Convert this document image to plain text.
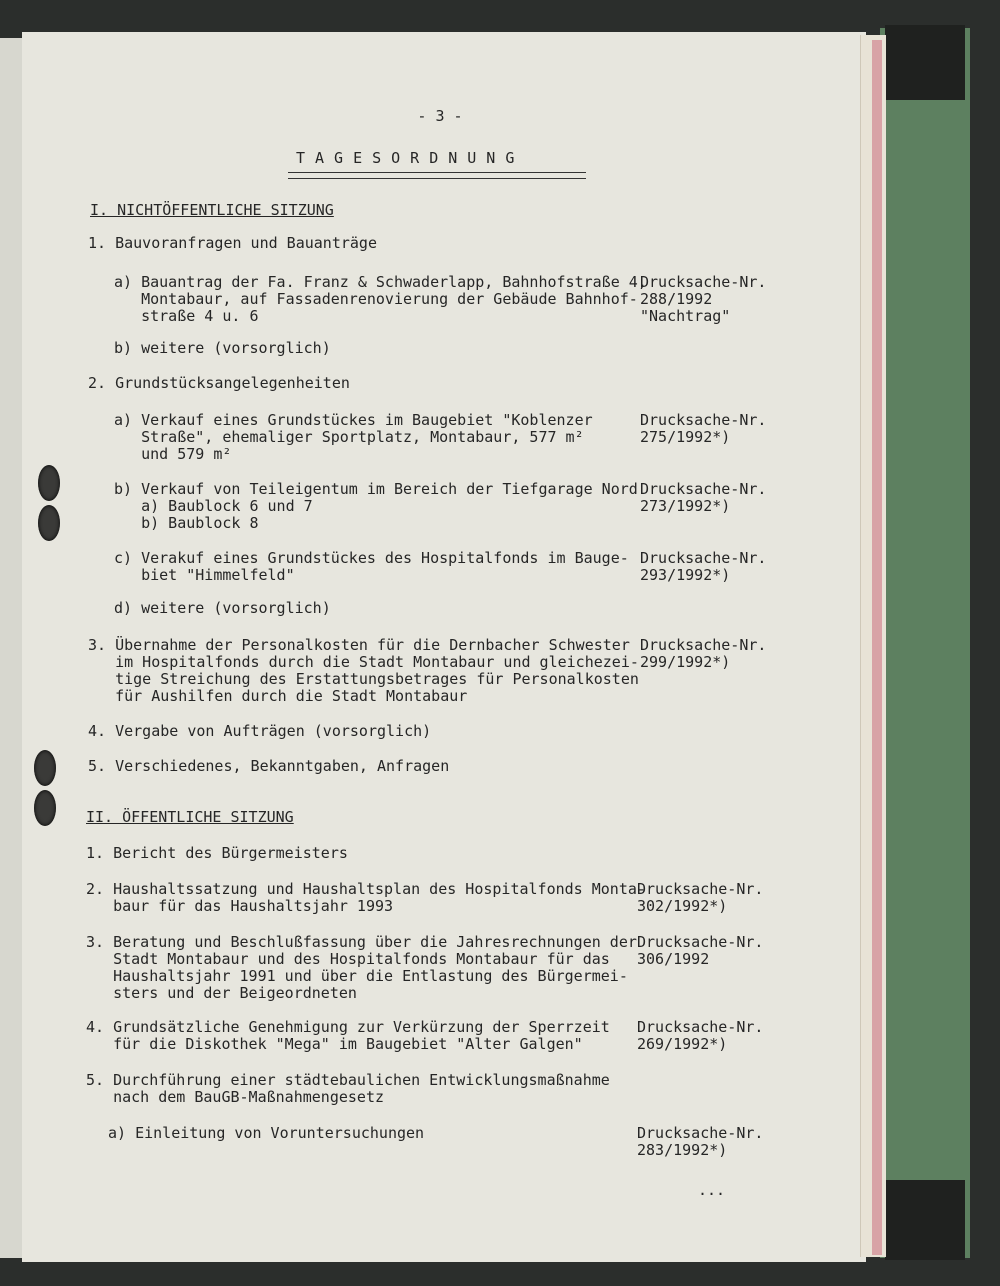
- 3 -
TAGESORDNUNG
I. NICHTÖFFENTLICHE SITZUNG
II. ÖFFENTLICHE SITZUNG
1. Bauvoranfragen und Bauanträge
a) Bauantrag der Fa. Franz & Schwaderlapp, Bahnhofstraße 4,
Montabaur, auf Fassadenrenovierung der Gebäude Bahnhof-
straße 4 u. 6
Drucksache-Nr.
288/1992
"Nachtrag"
b) weitere (vorsorglich)
2. Grundstücksangelegenheiten
a) Verkauf eines Grundstückes im Baugebiet "Koblenzer
Straße", ehemaliger Sportplatz, Montabaur, 577 m²
und 579 m²
Drucksache-Nr.
275/1992*)
b) Verkauf von Teileigentum im Bereich der Tiefgarage Nord
a) Baublock 6 und 7
b) Baublock 8
Drucksache-Nr.
273/1992*)
c) Verakuf eines Grundstückes des Hospitalfonds im Bauge-
biet "Himmelfeld"
Drucksache-Nr.
293/1992*)
d) weitere (vorsorglich)
3. Übernahme der Personalkosten für die Dernbacher Schwester
im Hospitalfonds durch die Stadt Montabaur und gleichezei-
tige Streichung des Erstattungsbetrages für Personalkosten
für Aushilfen durch die Stadt Montabaur
Drucksache-Nr.
299/1992*)
4. Vergabe von Aufträgen (vorsorglich)
5. Verschiedenes, Bekanntgaben, Anfragen
1. Bericht des Bürgermeisters
2. Haushaltssatzung und Haushaltsplan des Hospitalfonds Monta-
baur für das Haushaltsjahr 1993
Drucksache-Nr.
302/1992*)
3. Beratung und Beschlußfassung über die Jahresrechnungen der
Stadt Montabaur und des Hospitalfonds Montabaur für das
Haushaltsjahr 1991 und über die Entlastung des Bürgermei-
sters und der Beigeordneten
Drucksache-Nr.
306/1992
4. Grundsätzliche Genehmigung zur Verkürzung der Sperrzeit
für die Diskothek "Mega" im Baugebiet "Alter Galgen"
Drucksache-Nr.
269/1992*)
5. Durchführung einer städtebaulichen Entwicklungsmaßnahme
nach dem BauGB-Maßnahmengesetz
a) Einleitung von Voruntersuchungen	Drucksache-Nr.
283/1992*)
...
